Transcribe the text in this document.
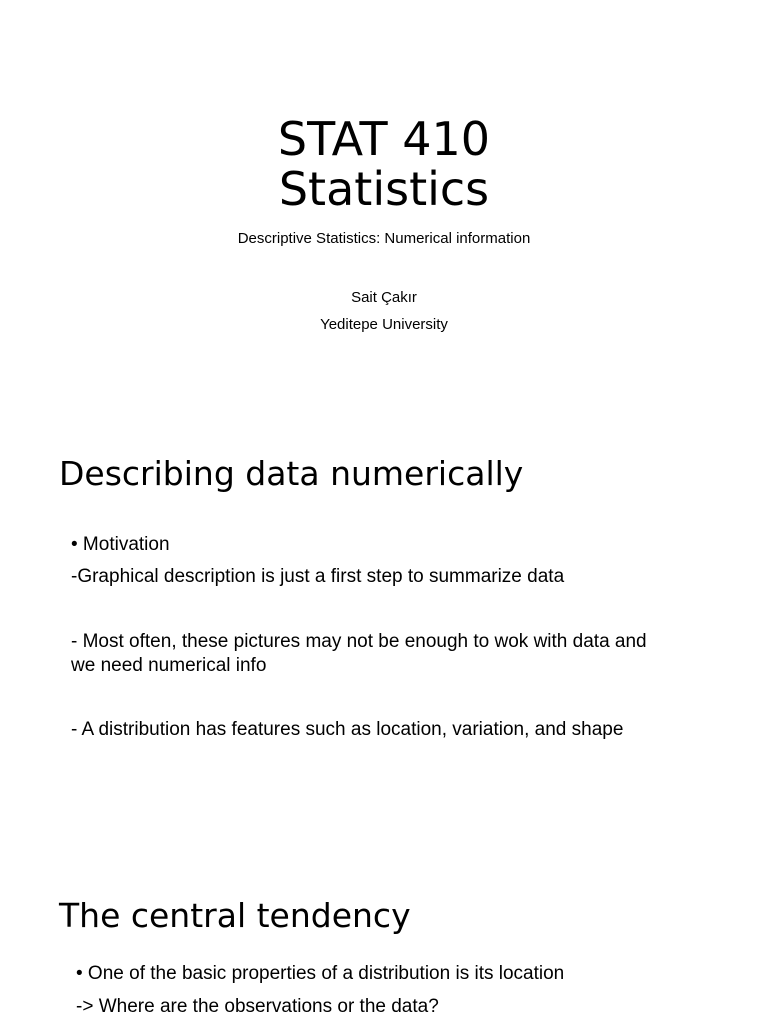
STAT 410
Statistics
Descriptive Statistics: Numerical information
Sait Çakır
Yeditepe University
Describing data numerically
• Motivation
-Graphical description is just a first step to summarize data
- Most often, these pictures may not be enough to wok with data and we need numerical info
- A distribution has features such as location, variation, and shape
The central tendency
• One of the basic properties of a distribution is its location
-> Where are the observations or the data?
